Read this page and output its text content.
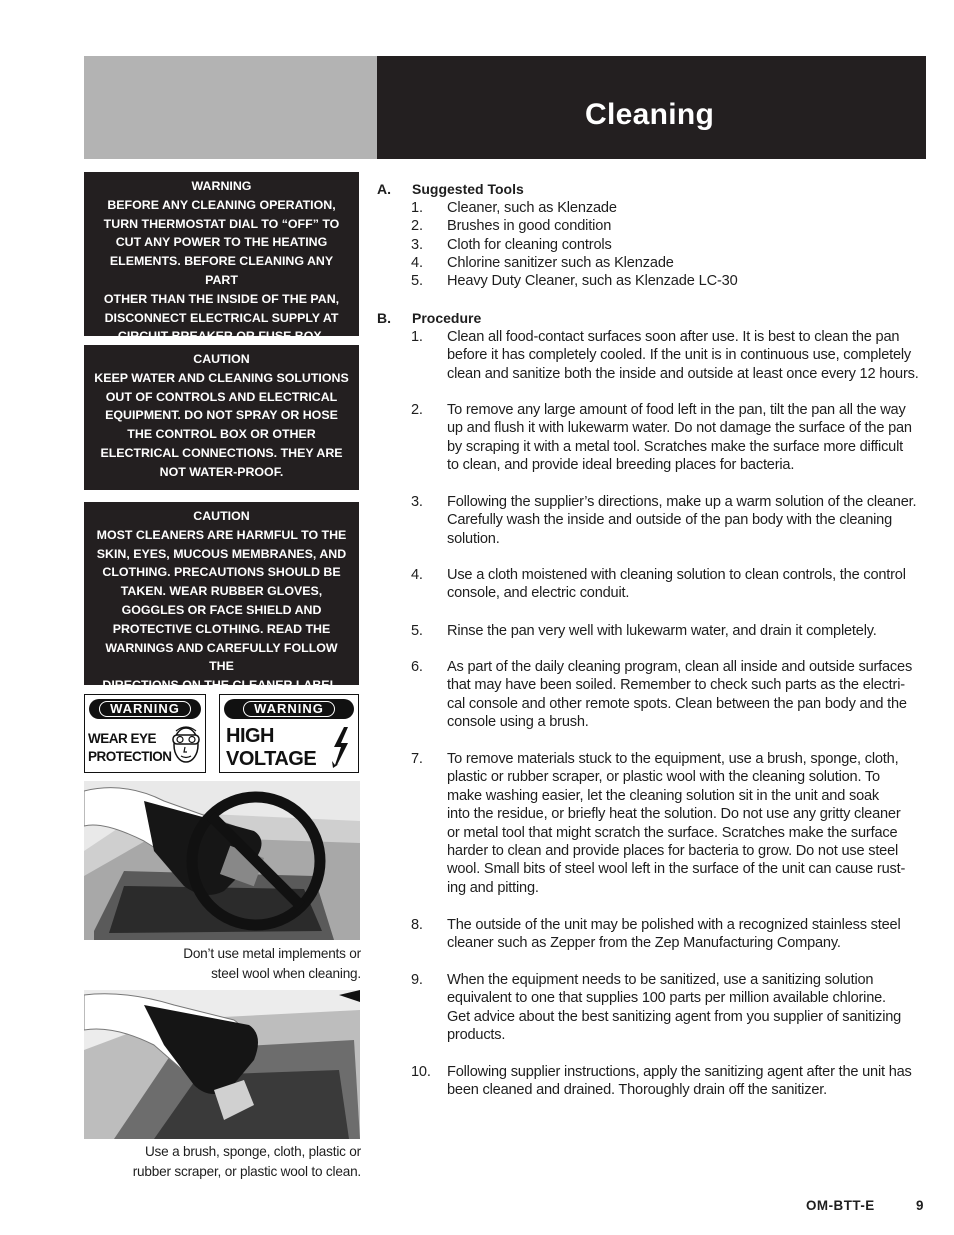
Cleaning
WARNING
BEFORE ANY CLEANING OPERATION,
TURN THERMOSTAT DIAL TO “OFF” TO
CUT ANY POWER TO THE HEATING
ELEMENTS. BEFORE CLEANING ANY PART
OTHER THAN THE INSIDE OF THE PAN,
DISCONNECT ELECTRICAL SUPPLY AT
CIRCUIT BREAKER OR FUSE BOX.
CAUTION
KEEP WATER AND CLEANING SOLUTIONS
OUT OF CONTROLS AND ELECTRICAL
EQUIPMENT. DO NOT SPRAY OR HOSE
THE CONTROL BOX OR OTHER
ELECTRICAL CONNECTIONS. THEY ARE
NOT WATER-PROOF.
CAUTION
MOST CLEANERS ARE HARMFUL TO THE
SKIN, EYES, MUCOUS MEMBRANES, AND
CLOTHING. PRECAUTIONS SHOULD BE
TAKEN. WEAR RUBBER GLOVES,
GOGGLES OR FACE SHIELD AND
PROTECTIVE CLOTHING. READ THE
WARNINGS AND CAREFULLY FOLLOW THE
DIRECTIONS ON THE CLEANER LABEL.
WARNING
WEAR EYE
PROTECTION
WARNING
HIGH
VOLTAGE

Don’t use metal implements or
steel wool when cleaning.

Use a brush, sponge, cloth, plastic or
rubber scraper, or plastic wool to clean.

A.	Suggested Tools
1.	Cleaner, such as Klenzade
2.	Brushes in good condition
3.	Cloth for cleaning controls
4.	Chlorine sanitizer such as Klenzade
5.	Heavy Duty Cleaner, such as Klenzade LC-30
B.	Procedure
1.	Clean all food-contact surfaces soon after use. It is best to clean the pan
before it has completely cooled. If the unit is in continuous use, completely
clean and sanitize both the inside and outside at least once every 12 hours.
2.	To remove any large amount of food left in the pan, tilt the pan all the way
up and flush it with lukewarm water. Do not damage the surface of the pan
by scraping it with a metal tool. Scratches make the surface more difficult
to clean, and provide ideal breeding places for bacteria.
3.	Following the supplier’s directions, make up a warm solution of the cleaner.
Carefully wash the inside and outside of the pan body with the cleaning
solution.
4.	Use a cloth moistened with cleaning solution to clean controls, the control
console, and electric conduit.
5.	Rinse the pan very well with lukewarm water, and drain it completely.
6.	As part of the daily cleaning program, clean all inside and outside surfaces
that may have been soiled. Remember to check such parts as the electri-
cal console and other remote spots. Clean between the pan body and the
console using a brush.
7.	To remove materials stuck to the equipment, use a brush, sponge, cloth,
plastic or rubber scraper, or plastic wool with the cleaning solution. To
make washing easier, let the cleaning solution sit in the unit and soak
into the residue, or briefly heat the solution. Do not use any gritty cleaner
or metal tool that might scratch the surface. Scratches make the surface
harder to clean and provide places for bacteria to grow. Do not use steel
wool. Small bits of steel wool left in the surface of the unit can cause rust-
ing and pitting.
8.	The outside of the unit may be polished with a recognized stainless steel
cleaner such as Zepper from the Zep Manufacturing Company.
9.	When the equipment needs to be sanitized, use a sanitizing solution
equivalent to one that supplies 100 parts per million available chlorine.
Get advice about the best sanitizing agent from you supplier of sanitizing
products.
10.	Following supplier instructions, apply the sanitizing agent after the unit has
been cleaned and drained. Thoroughly drain off the sanitizer.
OM-BTT-E	9
